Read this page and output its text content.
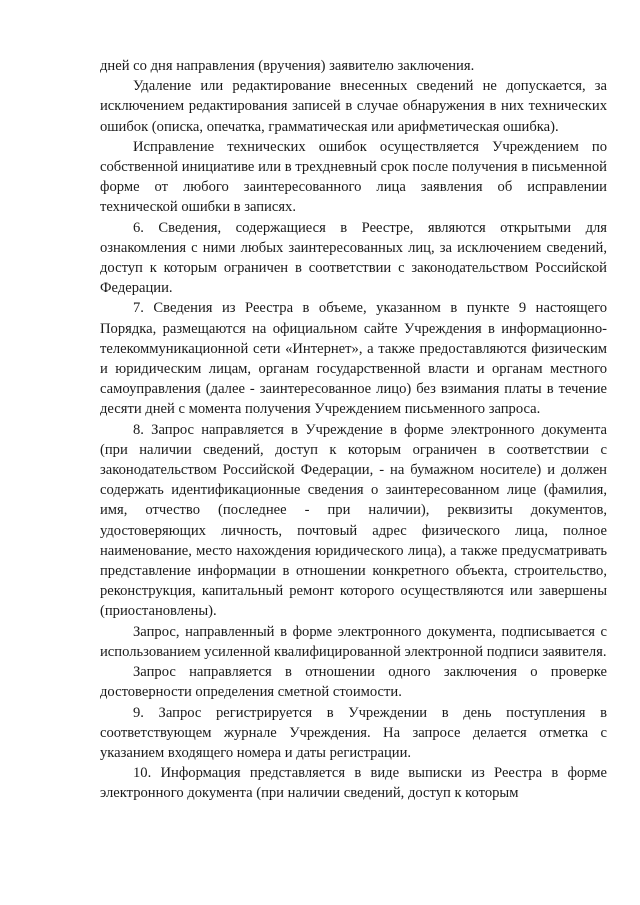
дней со дня направления (вручения) заявителю заключения.

Удаление или редактирование внесенных сведений не допускается, за исключением редактирования записей в случае обнаружения в них технических ошибок (описка, опечатка, грамматическая или арифметическая ошибка).

Исправление технических ошибок осуществляется Учреждением по собственной инициативе или в трехдневный срок после получения в письменной форме от любого заинтересованного лица заявления об исправлении технической ошибки в записях.

6. Сведения, содержащиеся в Реестре, являются открытыми для ознакомления с ними любых заинтересованных лиц, за исключением сведений, доступ к которым ограничен в соответствии с законодательством Российской Федерации.

7. Сведения из Реестра в объеме, указанном в пункте 9 настоящего Порядка, размещаются на официальном сайте Учреждения в информационно-телекоммуникационной сети «Интернет», а также предоставляются физическим и юридическим лицам, органам государственной власти и органам местного самоуправления (далее - заинтересованное лицо) без взимания платы в течение десяти дней с момента получения Учреждением письменного запроса.

8. Запрос направляется в Учреждение в форме электронного документа (при наличии сведений, доступ к которым ограничен в соответствии с законодательством Российской Федерации, - на бумажном носителе) и должен содержать идентификационные сведения о заинтересованном лице (фамилия, имя, отчество (последнее - при наличии), реквизиты документов, удостоверяющих личность, почтовый адрес физического лица, полное наименование, место нахождения юридического лица), а также предусматривать представление информации в отношении конкретного объекта, строительство, реконструкция, капитальный ремонт которого осуществляются или завершены (приостановлены).

Запрос, направленный в форме электронного документа, подписывается с использованием усиленной квалифицированной электронной подписи заявителя.

Запрос направляется в отношении одного заключения о проверке достоверности определения сметной стоимости.

9. Запрос регистрируется в Учреждении в день поступления в соответствующем журнале Учреждения. На запросе делается отметка с указанием входящего номера и даты регистрации.

10. Информация представляется в виде выписки из Реестра в форме электронного документа (при наличии сведений, доступ к которым
